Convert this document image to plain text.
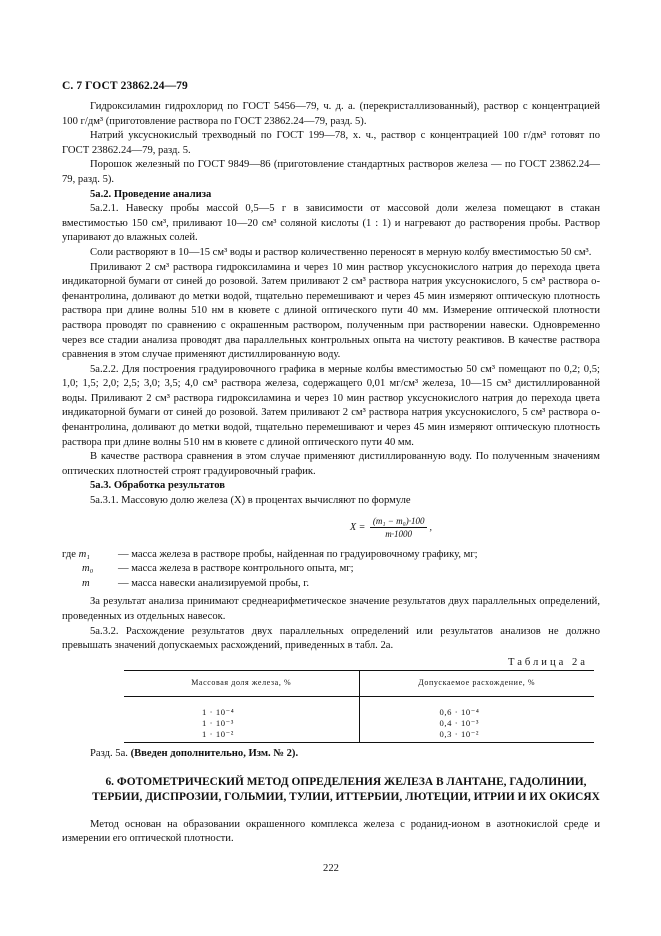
С. 7 ГОСТ 23862.24—79

Гидроксиламин гидрохлорид по ГОСТ 5456—79, ч. д. а. (перекристаллизованный), раствор с концентрацией 100 г/дм³ (приготовление раствора по ГОСТ 23862.24—79, разд. 5).

Натрий уксуснокислый трехводный по ГОСТ 199—78, х. ч., раствор с концентрацией 100 г/дм³ готовят по ГОСТ 23862.24—79, разд. 5.

Порошок железный по ГОСТ 9849—86 (приготовление стандартных растворов железа — по ГОСТ 23862.24—79, разд. 5).

5а.2. Проведение анализа

5а.2.1. Навеску пробы массой 0,5—5 г в зависимости от массовой доли железа помещают в стакан вместимостью 150 см³, приливают 10—20 см³ соляной кислоты (1 : 1) и нагревают до растворения пробы. Раствор упаривают до влажных солей.

Соли растворяют в 10—15 см³ воды и раствор количественно переносят в мерную колбу вместимостью 50 см³.

Приливают 2 см³ раствора гидроксиламина и через 10 мин раствор уксуснокислого натрия до перехода цвета индикаторной бумаги от синей до розовой. Затем приливают 2 см³ раствора натрия уксуснокислого, 5 см³ раствора о-фенантролина, доливают до метки водой, тщательно перемешивают и через 45 мин измеряют оптическую плотность раствора при длине волны 510 нм в кювете с длиной оптического пути 40 мм. Измерение оптической плотности раствора проводят по сравнению с окрашенным раствором, полученным при растворении навески. Одновременно через все стадии анализа проводят два параллельных контрольных опыта на чистоту реактивов. В качестве раствора сравнения в этом случае применяют дистиллированную воду.

5а.2.2. Для построения градуировочного графика в мерные колбы вместимостью 50 см³ помещают по 0,2; 0,5; 1,0; 1,5; 2,0; 2,5; 3,0; 3,5; 4,0 см³ раствора железа, содержащего 0,01 мг/см³ железа, 10—15 см³ дистиллированной воды. Приливают 2 см³ раствора гидроксиламина и через 10 мин раствор уксуснокислого натрия до перехода цвета индикаторной бумаги от синей до розовой. Затем приливают 2 см³ раствора натрия уксуснокислого, 5 см³ раствора о-фенантролина, доливают до метки водой, тщательно перемешивают и через 45 мин измеряют оптическую плотность раствора при длине волны 510 нм в кювете с длиной оптического пути 40 мм.

В качестве раствора сравнения в этом случае применяют дистиллированную воду. По полученным значениям оптических плотностей строят градуировочный график.

5а.3. Обработка результатов

5а.3.1. Массовую долю железа (X) в процентах вычисляют по формуле

$X = \frac{\text{(m₁ − m₀)·100}}{m\cdot 1000}$ ,
где m₁	— масса железа в растворе пробы, найденная по градуировочному графику, мг;
m₀	— масса железа в растворе контрольного опыта, мг;
m	— масса навески анализируемой пробы, г.

За результат анализа принимают среднеарифметическое значение результатов двух параллельных определений, проведенных из отдельных навесок.

5а.3.2. Расхождение результатов двух параллельных определений или результатов анализов не должно превышать значений допускаемых расхождений, приведенных в табл. 2а.

Таблица 2а
Массовая доля железа, %	Допускаемое расхождение, %

1 · 10⁻⁴	0,6 · 10⁻⁴
1 · 10⁻³	0,4 · 10⁻³
1 · 10⁻²	0,3 · 10⁻²

Разд. 5а. (Введен дополнительно, Изм. № 2).

6. ФОТОМЕТРИЧЕСКИЙ МЕТОД ОПРЕДЕЛЕНИЯ ЖЕЛЕЗА В ЛАНТАНЕ, ГАДОЛИНИИ, ТЕРБИИ, ДИСПРОЗИИ, ГОЛЬМИИ, ТУЛИИ, ИТТЕРБИИ, ЛЮТЕЦИИ, ИТРИИ И ИХ ОКИСЯХ

Метод основан на образовании окрашенного комплекса железа с роданид-ионом в азотнокислой среде и измерении его оптической плотности.

222
